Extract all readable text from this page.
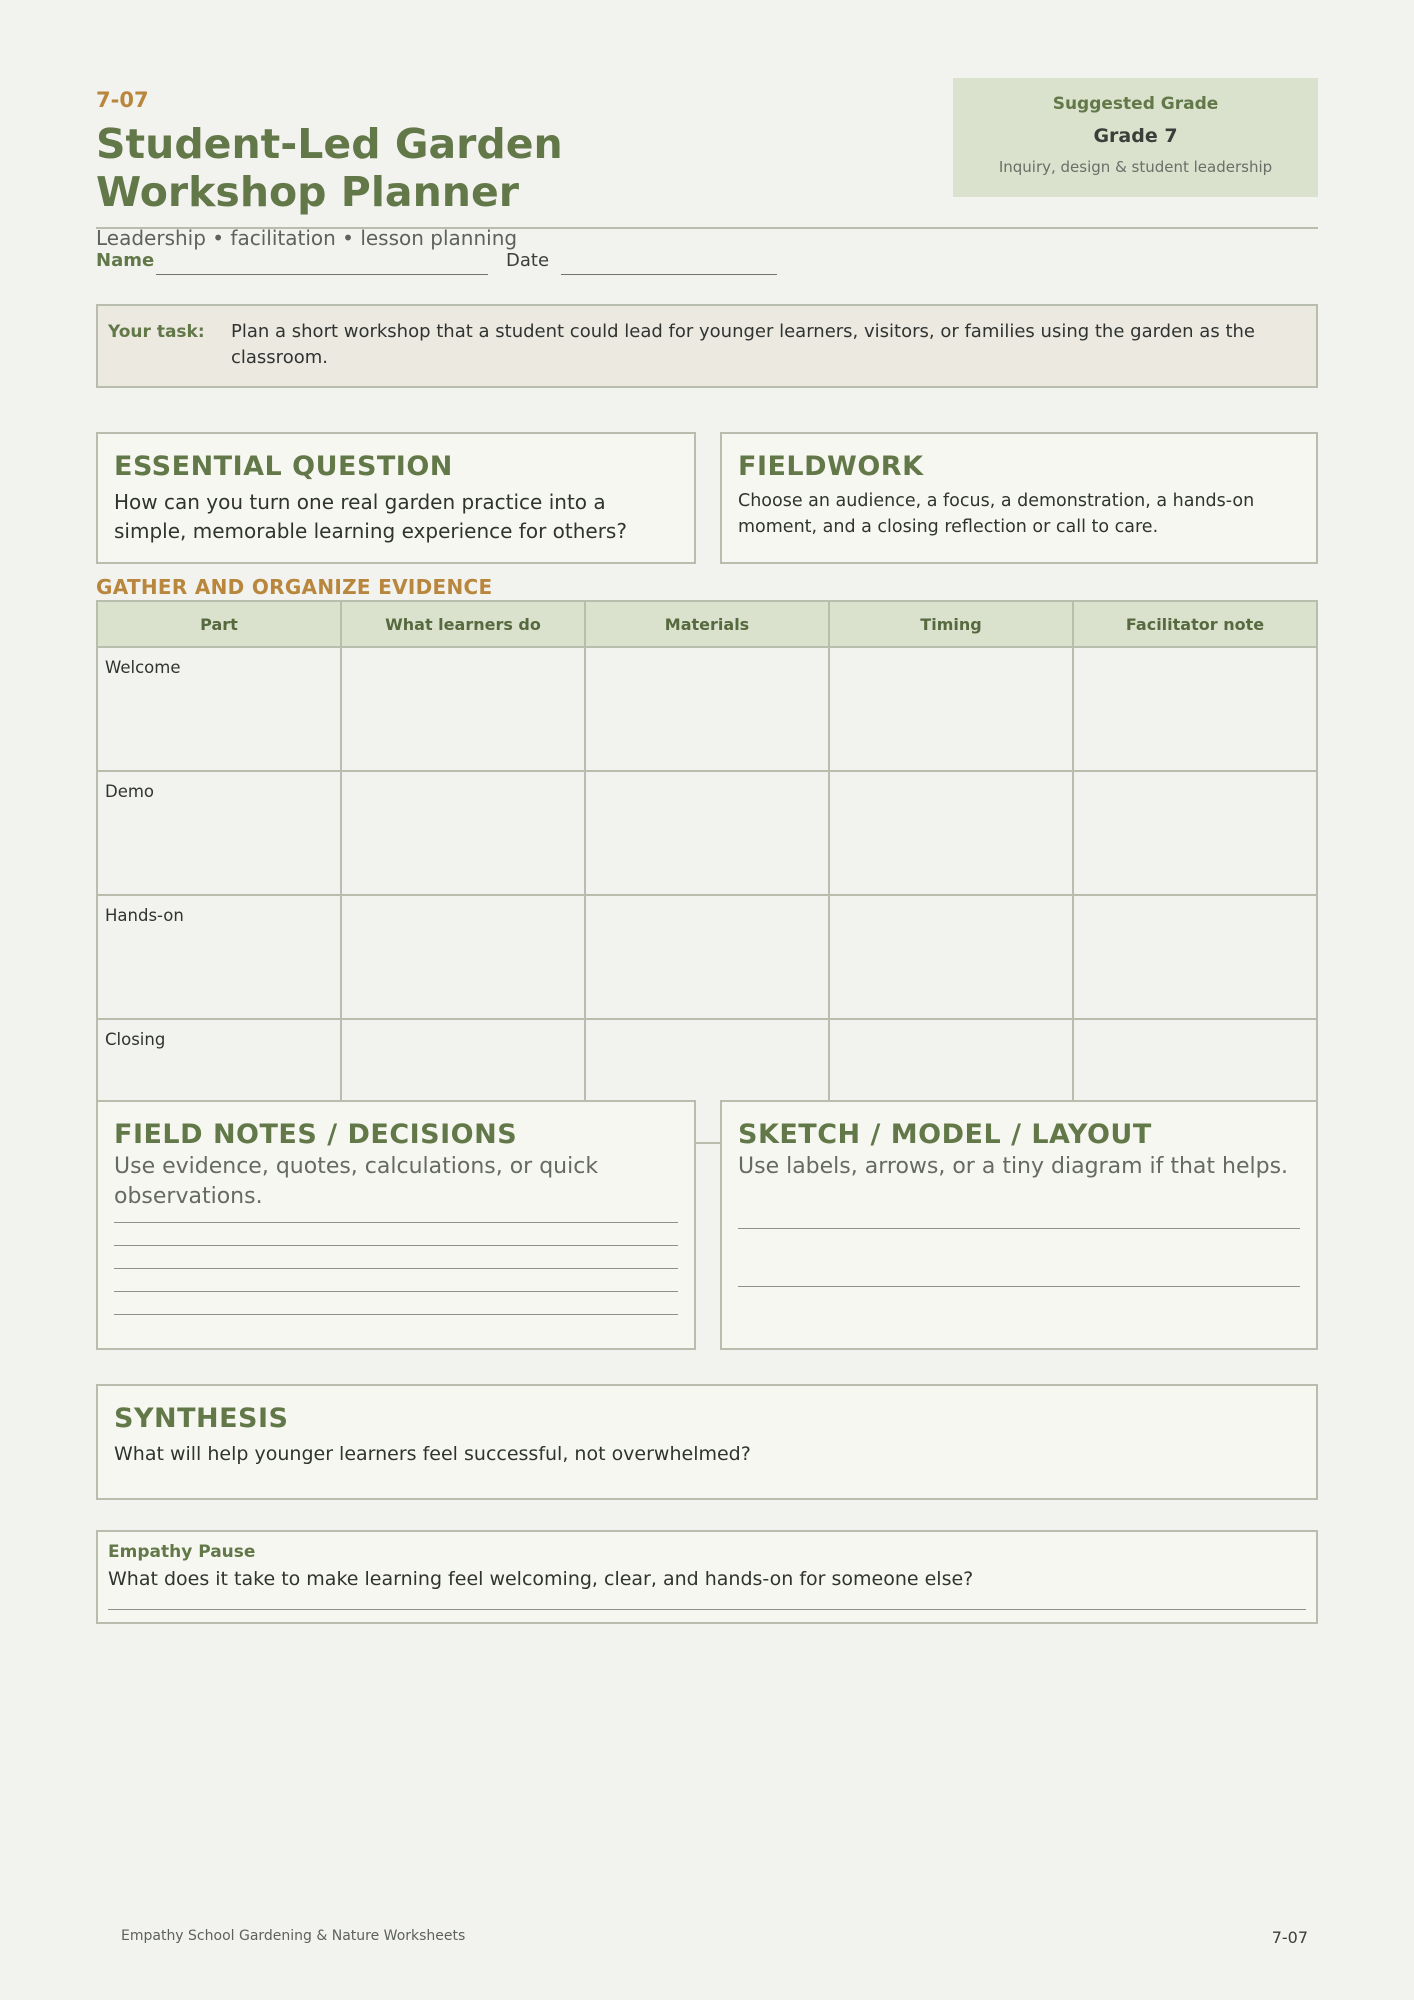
7-07
Student-Led Garden Workshop Planner
Suggested Grade
Grade 7
Inquiry, design & student leadership
Leadership • facilitation • lesson planning
Name	Date
Your task: Plan a short workshop that a student could lead for younger learners, visitors, or families using the garden as the classroom.
ESSENTIAL QUESTION
How can you turn one real garden practice into a simple, memorable learning experience for others?
FIELDWORK
Choose an audience, a focus, a demonstration, a hands-on moment, and a closing reflection or call to care.
GATHER AND ORGANIZE EVIDENCE
Part	What learners do	Materials	Timing	Facilitator note
Welcome				
Demo				
Hands-on				
Closing				
FIELD NOTES / DECISIONS
Use evidence, quotes, calculations, or quick observations.
SKETCH / MODEL / LAYOUT
Use labels, arrows, or a tiny diagram if that helps.
SYNTHESIS
What will help younger learners feel successful, not overwhelmed?
Empathy Pause
What does it take to make learning feel welcoming, clear, and hands-on for someone else?
Empathy School Gardening & Nature Worksheets	7-07
